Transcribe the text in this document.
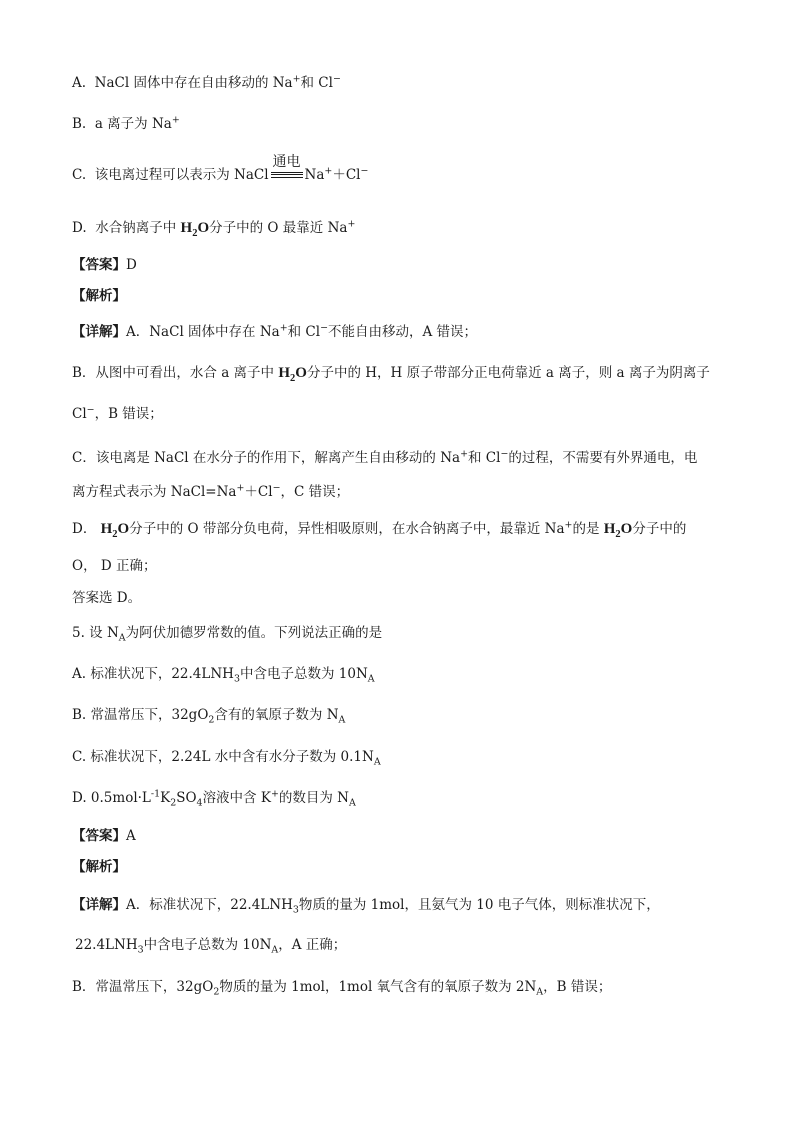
A. NaCl 固体中存在自由移动的 Na+和 Cl−
B. a 离子为 Na+
C. 该电离过程可以表示为 NaCl
通电
Na+＋Cl−
D. 水合钠离子中 $H_2O$分子中的 O 最靠近 Na+
【答案】D
【解析】
【详解】A．NaCl 固体中存在 Na+和 Cl−不能自由移动，A 错误；
B．从图中可看出，水合 a 离子中 $H_2O$分子中的 H，H 原子带部分正电荷靠近 a 离子，则 a 离子为阴离子
Cl−，B 错误；
C．该电离是 NaCl 在水分子的作用下，解离产生自由移动的 Na+和 Cl−的过程，不需要有外界通电，电
离方程式表示为 NaCl=Na+＋Cl−，C 错误；
D． $H_2O$分子中的 O 带部分负电荷，异性相吸原则，在水合钠离子中，最靠近 Na+的是 $H_2O$分子中的
O， D 正确；
答案选 D。
5. 设 $N_A$为阿伏加德罗常数的值。下列说法正确的是
A. 标准状况下，$22.4LNH_3$中含电子总数为 $10N_A$
B. 常温常压下，$32gO_2$含有的氧原子数为 $N_A$
C. 标准状况下，2.24L 水中含有水分子数为 $0.1N_A$
D. $0.5mol\cdot L^{-1}K_2SO_4$溶液中含 K+的数目为 $N_A$
【答案】A
【解析】
【详解】A．标准状况下，$22.4LNH_3$物质的量为 1mol，且氨气为 10 电子气体，则标准状况下，
$22.4LNH_3$中含电子总数为 $10N_A$，A 正确；
B．常温常压下，$32gO_2$物质的量为 1mol，1mol 氧气含有的氧原子数为 $2N_A$，B 错误；
